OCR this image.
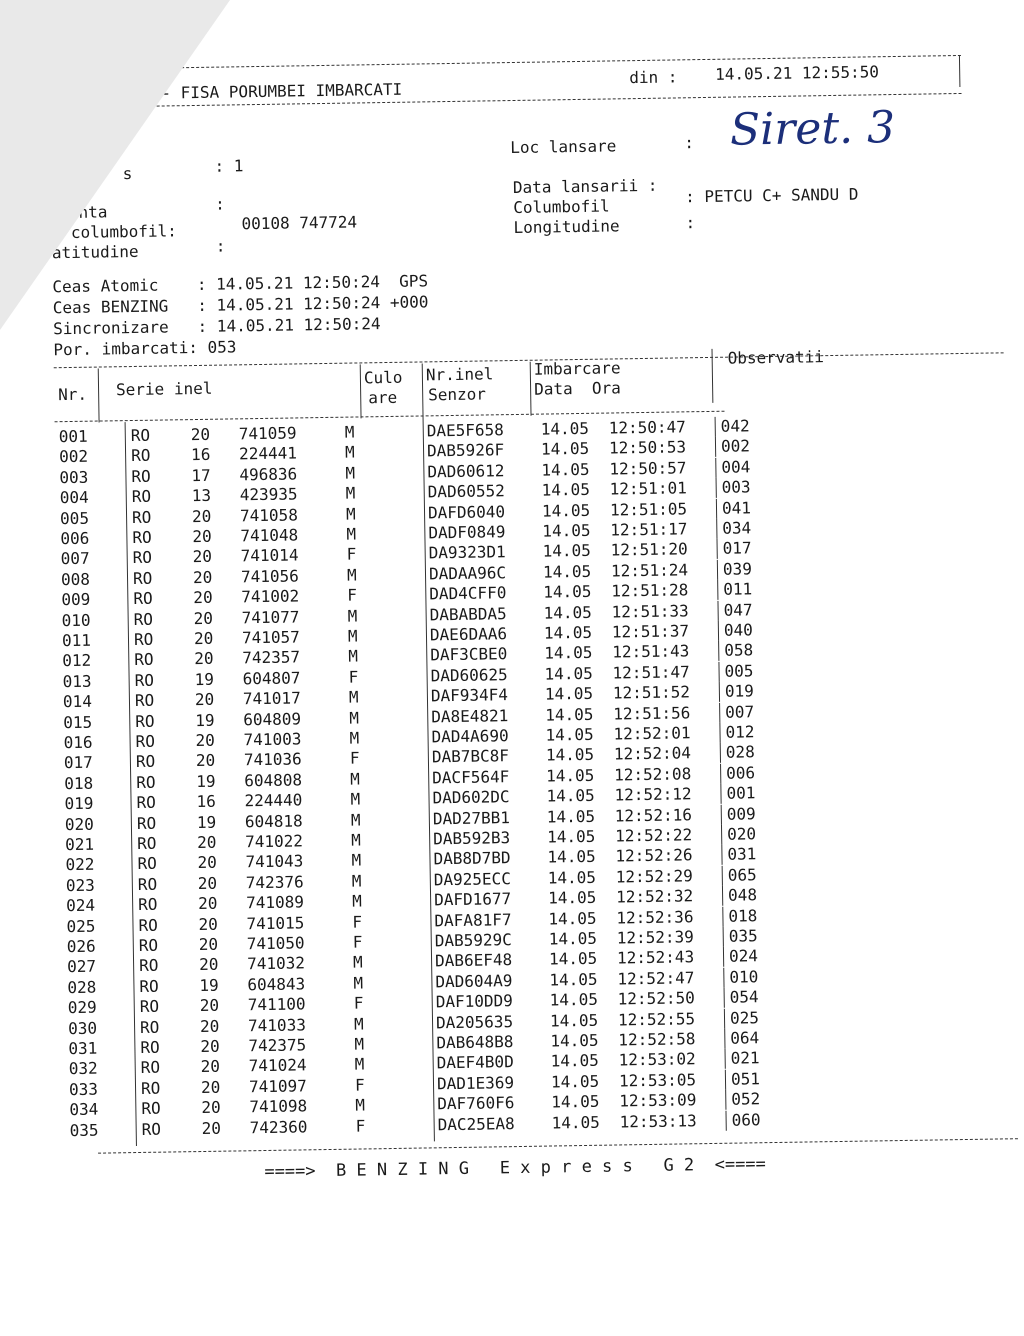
- FISA PORUMBEI IMBARCATI
din : 14.05.21 12:55:50
s	: 1
canta	:
d columbofil:	00108 747724
atitudine	:
Loc lansare	: Siret. 3
Data lansarii :
Columbofil
: PETCU C+ SANDU D
Longitudine	:
Ceas Atomic    : 14.05.21 12:50:24  GPS
Ceas BENZING   : 14.05.21 12:50:24 +000
Sincronizare   : 14.05.21 12:50:24
Por. imbarcati: 053
Nr. Serie inel
Culo
are
Nr.inel
Senzor
Imbarcare
Data  Ora
Observatii
001	RO	20 741059	M	DAE5F658 14.05 12:50:47 042
002	RO	16 224441	M	DAB5926F 14.05 12:50:53 002
003	RO	17 496836	M	DAD60612 14.05 12:50:57 004
004	RO	13 423935	M	DAD60552 14.05 12:51:01 003
005	RO	20 741058	M	DAFD6040 14.05 12:51:05 041
006	RO	20 741048	M	DADF0849 14.05 12:51:17 034
007	RO	20 741014	F	DA9323D1 14.05 12:51:20 017
008	RO	20 741056	M	DADAA96C 14.05 12:51:24 039
009	RO	20 741002	F	DAD4CFF0 14.05 12:51:28 011
010	RO	20 741077	M	DABABDA5 14.05 12:51:33 047
011	RO	20 741057	M	DAE6DAA6 14.05 12:51:37 040
012	RO	20 742357	M	DAF3CBE0 14.05 12:51:43 058
013	RO	19 604807	F	DAD60625 14.05 12:51:47 005
014	RO	20 741017	M	DAF934F4 14.05 12:51:52 019
015	RO	19 604809	M	DA8E4821 14.05 12:51:56 007
016	RO	20 741003	M	DAD4A690 14.05 12:52:01 012
017	RO	20 741036	F	DAB7BC8F 14.05 12:52:04 028
018	RO	19 604808	M	DACF564F 14.05 12:52:08 006
019	RO	16 224440	M	DAD602DC 14.05 12:52:12 001
020	RO	19 604818	M	DAD27BB1 14.05 12:52:16 009
021	RO	20 741022	M	DAB592B3 14.05 12:52:22 020
022	RO	20 741043	M	DAB8D7BD 14.05 12:52:26 031
023	RO	20 742376	M	DA925ECC 14.05 12:52:29 065
024	RO	20 741089	M	DAFD1677 14.05 12:52:32 048
025	RO	20 741015	F	DAFA81F7 14.05 12:52:36 018
026	RO	20 741050	F	DAB5929C 14.05 12:52:39 035
027	RO	20 741032	M	DAB6EF48 14.05 12:52:43 024
028	RO	19 604843	M	DAD604A9 14.05 12:52:47 010
029	RO	20 741100	F	DAF10DD9 14.05 12:52:50 054
030	RO	20 741033	M	DA205635 14.05 12:52:55 025
031	RO	20 742375	M	DAB648B8 14.05 12:52:58 064
032	RO	20 741024	M	DAEF4B0D 14.05 12:53:02 021
033	RO	20 741097	F	DAD1E369 14.05 12:53:05 051
034	RO	20 741098	M	DAF760F6 14.05 12:53:09 052
035	RO	20 742360	F	DAC25EA8 14.05 12:53:13 060
====>  B E N Z I N G   E x p r e s s   G 2  <====
